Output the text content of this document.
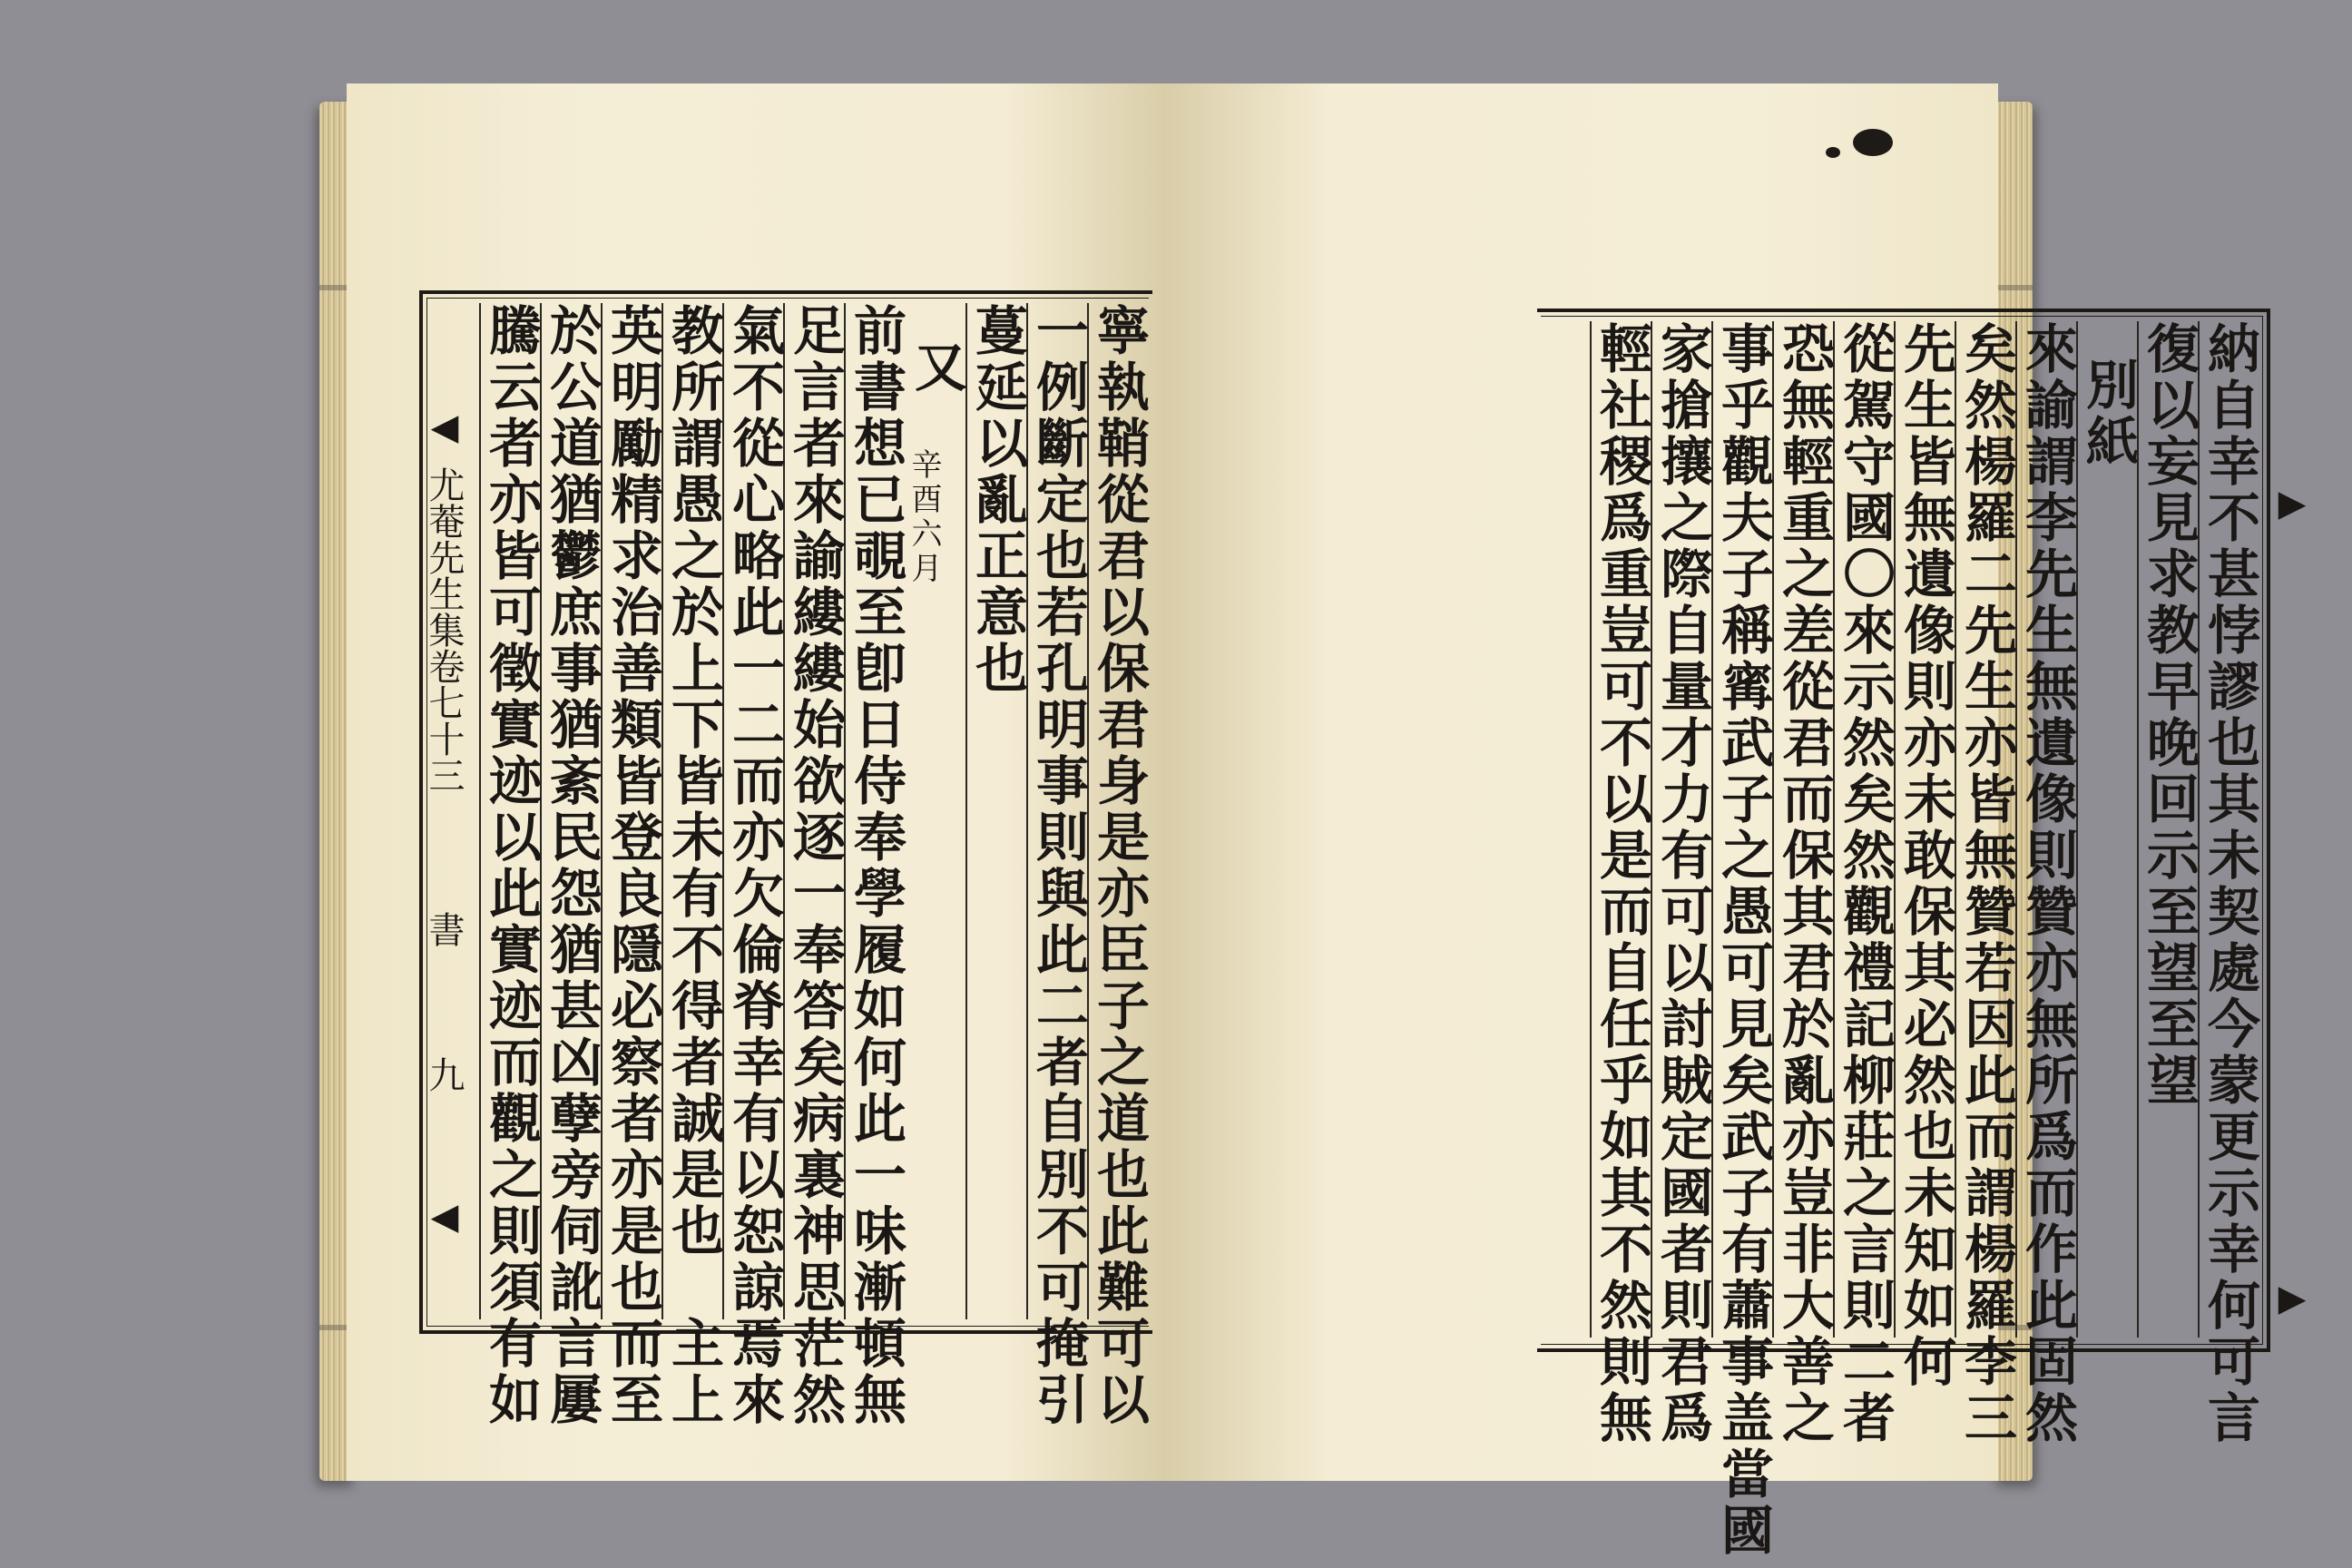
◀
◀
尤菴先生集卷七十三書九	寧執鞘從君以保君身是亦臣子之道也此難可以
一例斷定也若孔明事則與此二者自別不可掩引
蔓延以亂正意也
又
辛酉六月
前書想已覗至卽日侍奉學履如何此一味漸頓無
足言者來諭縷縷始欲逐一奉答矣病裏神思茫然
氣不從心略此一二而亦欠倫脊幸有以恕諒焉來
教所謂愚之於上下皆未有不得者誠是也　主上
英明勵精求治善類皆登良隱必察者亦是也而至
於公道猶鬱庶事猶紊民怨猶甚凶孽旁伺訛言屢
騰云者亦皆可徵實迹以此實迹而觀之則須有如	▶
▶
納自幸不甚悖謬也其未契處今蒙更示幸何可言
復以妄見求教早晚回示至望至望
別紙
來諭謂李先生無遺像則贊亦無所爲而作此固然
矣然楊羅二先生亦皆無贊若因此而謂楊羅李三
先生皆無遺像則亦未敢保其必然也未知如何
從駕守國〇來示然矣然觀禮記柳莊之言則二者
恐無輕重之差從君而保其君於亂亦豈非大善之
事乎觀夫子稱寗武子之愚可見矣武子有蕭事盖當國
家搶攘之際自量才力有可以討賊定國者則君爲
輕社稷爲重豈可不以是而自任乎如其不然則無
